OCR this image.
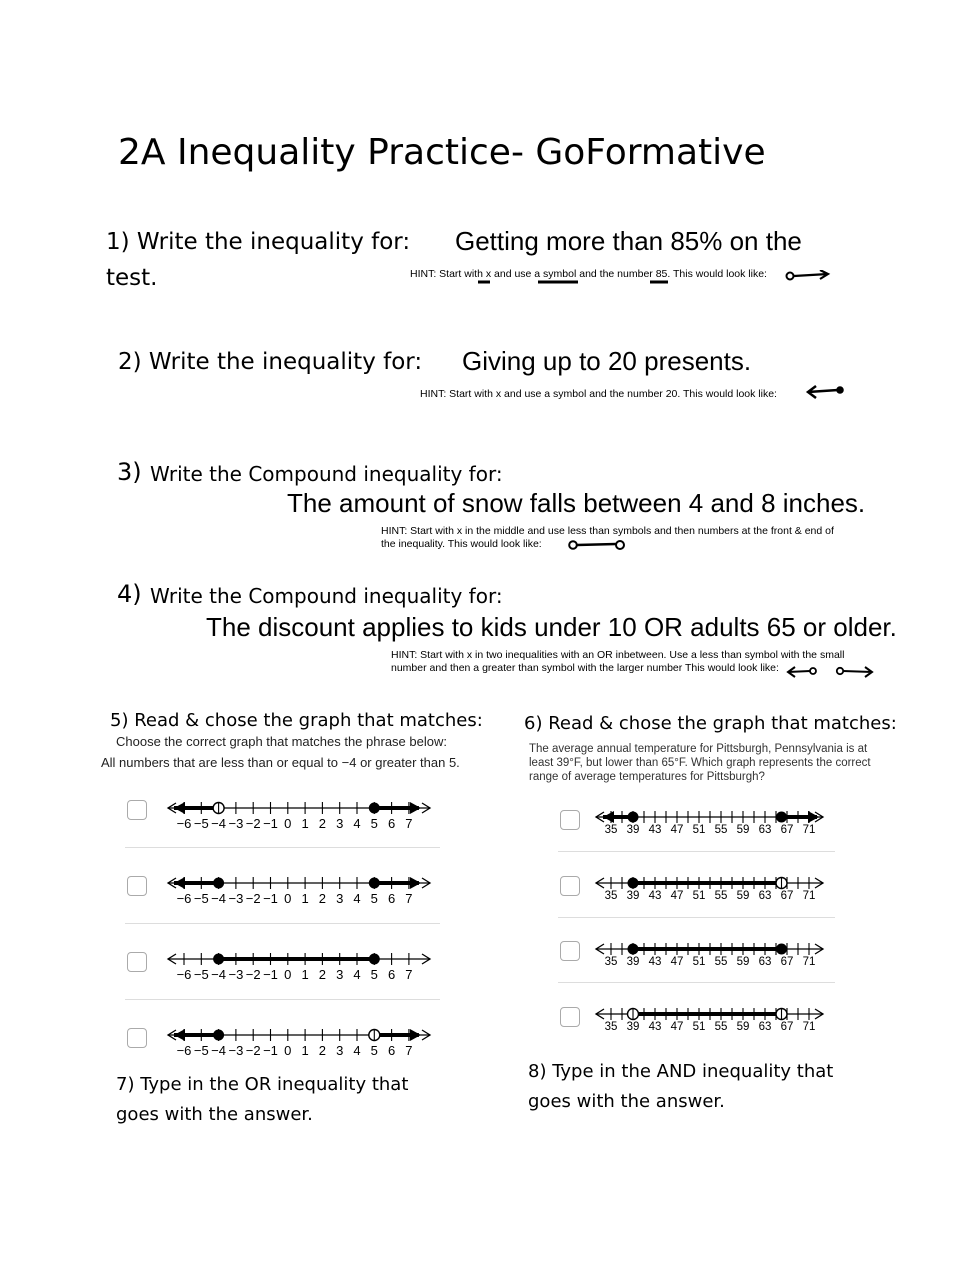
2A Inequality Practice- GoFormative
1) Write the inequality for: Getting more than 85% on the
test.	HINT: Start with x and use a symbol and the number 85. This would look like:
2) Write the inequality for: Giving up to 20 presents.
HINT: Start with x and use a symbol and the number 20. This would look like:
3) Write the Compound inequality for:
The amount of snow falls between 4 and 8 inches.
HINT: Start with x in the middle and use less than symbols and then numbers at the front & end of
the inequality. This would look like:
4) Write the Compound inequality for:
The discount applies to kids under 10 OR adults 65 or older.
HINT: Start with x in two inequalities with an OR inbetween. Use a less than symbol with the small
number and then a greater than symbol with the larger number This would look like:
5) Read & chose the graph that matches:
Choose the correct graph that matches the phrase below:
All numbers that are less than or equal to −4 or greater than 5.
−6 −5 −4 −3 −2 −1 0 1 2 3 4 5 6 7
−6 −5 −4 −3 −2 −1 0 1 2 3 4 5 6 7
−6 −5 −4 −3 −2 −1 0 1 2 3 4 5 6 7
−6 −5 −4 −3 −2 −1 0 1 2 3 4 5 6 7
6) Read & chose the graph that matches:
The average annual temperature for Pittsburgh, Pennsylvania is at
least 39°F, but lower than 65°F. Which graph represents the correct
range of average temperatures for Pittsburgh?
35 39 43 47 51 55 59 63 67 71
35 39 43 47 51 55 59 63 67 71
35 39 43 47 51 55 59 63 67 71
35 39 43 47 51 55 59 63 67 71
7) Type in the OR inequality that
goes with the answer.
8) Type in the AND inequality that
goes with the answer.
